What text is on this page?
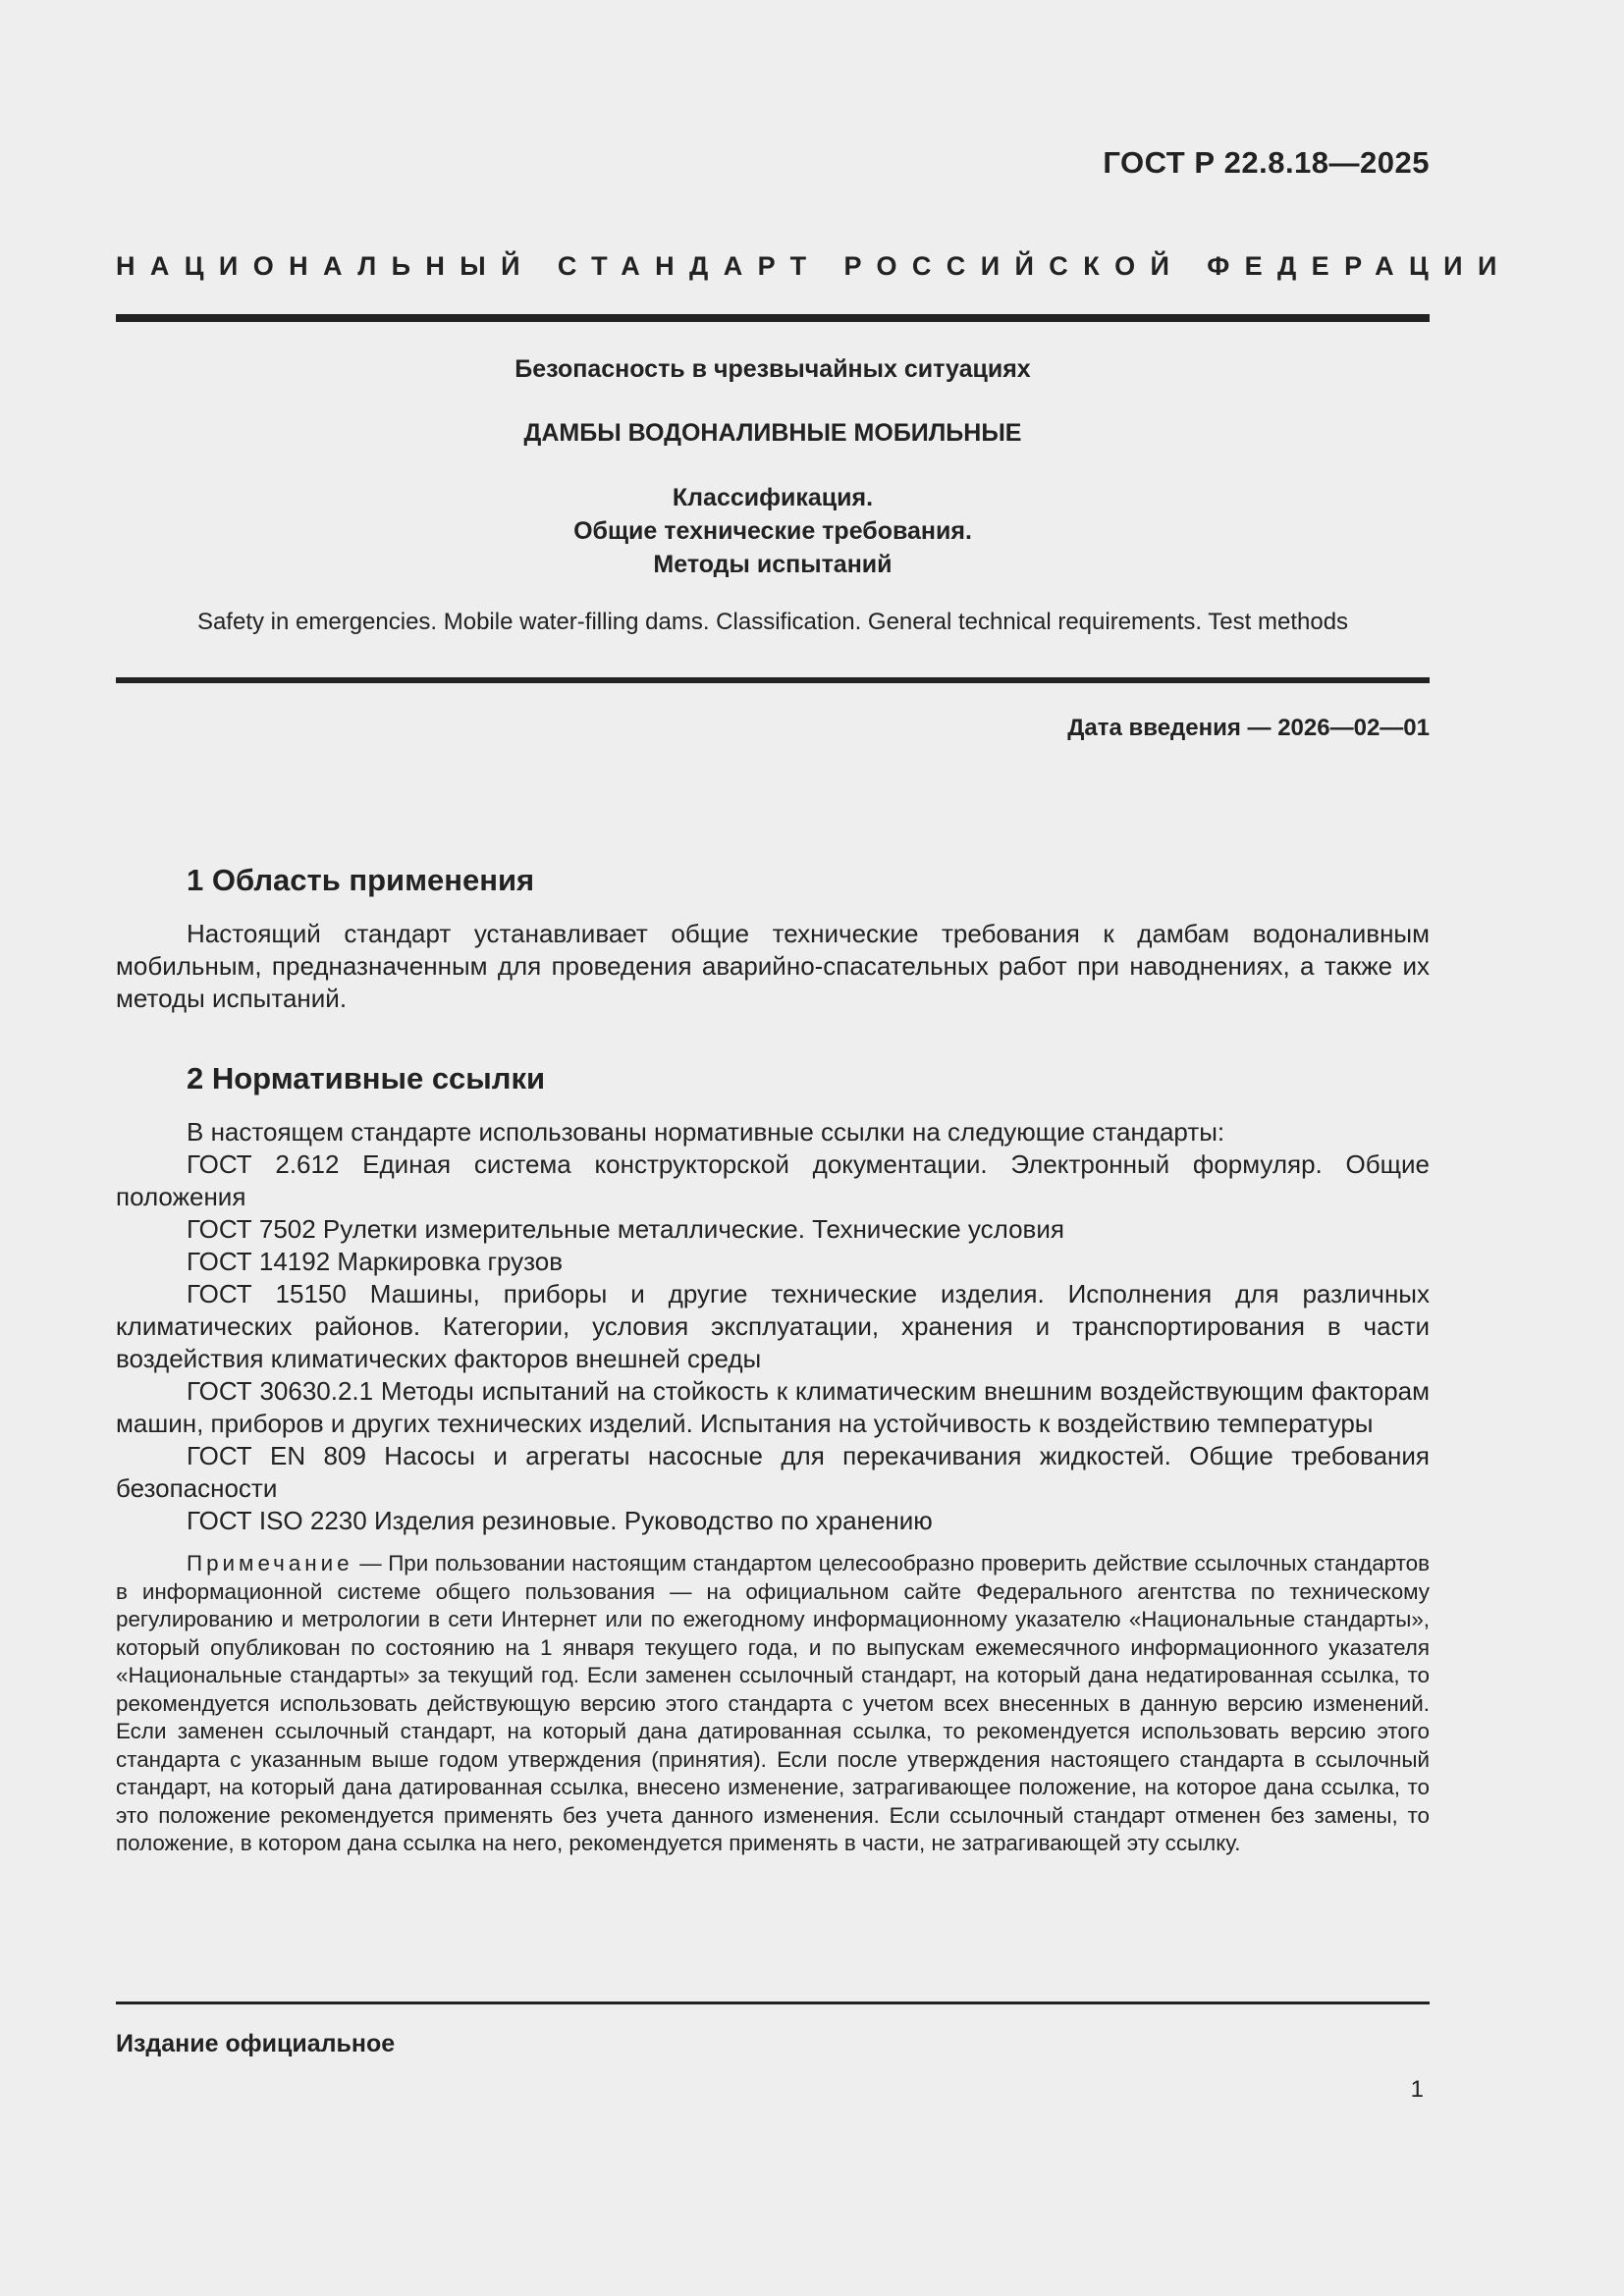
ГОСТ Р 22.8.18—2025
НАЦИОНАЛЬНЫЙ СТАНДАРТ РОССИЙСКОЙ ФЕДЕРАЦИИ
Безопасность в чрезвычайных ситуациях
ДАМБЫ ВОДОНАЛИВНЫЕ МОБИЛЬНЫЕ
Классификация.
Общие технические требования.
Методы испытаний
Safety in emergencies. Mobile water-filling dams. Classification. General technical requirements. Test methods
Дата введения — 2026—02—01
1 Область применения

Настоящий стандарт устанавливает общие технические требования к дамбам водоналивным мобильным, предназначенным для проведения аварийно-спасательных работ при наводнениях, а также их методы испытаний.

2 Нормативные ссылки

В настоящем стандарте использованы нормативные ссылки на следующие стандарты:

ГОСТ 2.612 Единая система конструкторской документации. Электронный формуляр. Общие положения

ГОСТ 7502 Рулетки измерительные металлические. Технические условия

ГОСТ 14192 Маркировка грузов

ГОСТ 15150 Машины, приборы и другие технические изделия. Исполнения для различных климатических районов. Категории, условия эксплуатации, хранения и транспортирования в части воздействия климатических факторов внешней среды

ГОСТ 30630.2.1 Методы испытаний на стойкость к климатическим внешним воздействующим факторам машин, приборов и других технических изделий. Испытания на устойчивость к воздействию температуры

ГОСТ EN 809 Насосы и агрегаты насосные для перекачивания жидкостей. Общие требования безопасности

ГОСТ ISO 2230 Изделия резиновые. Руководство по хранению

Примечание — При пользовании настоящим стандартом целесообразно проверить действие ссылочных стандартов в информационной системе общего пользования — на официальном сайте Федерального агентства по техническому регулированию и метрологии в сети Интернет или по ежегодному информационному указателю «Национальные стандарты», который опубликован по состоянию на 1 января текущего года, и по выпускам ежемесячного информационного указателя «Национальные стандарты» за текущий год. Если заменен ссылочный стандарт, на который дана недатированная ссылка, то рекомендуется использовать действующую версию этого стандарта с учетом всех внесенных в данную версию изменений. Если заменен ссылочный стандарт, на который дана датированная ссылка, то рекомендуется использовать версию этого стандарта с указанным выше годом утверждения (принятия). Если после утверждения настоящего стандарта в ссылочный стандарт, на который дана датированная ссылка, внесено изменение, затрагивающее положение, на которое дана ссылка, то это положение рекомендуется применять без учета данного изменения. Если ссылочный стандарт отменен без замены, то положение, в котором дана ссылка на него, рекомендуется применять в части, не затрагивающей эту ссылку.

Издание официальное
1
